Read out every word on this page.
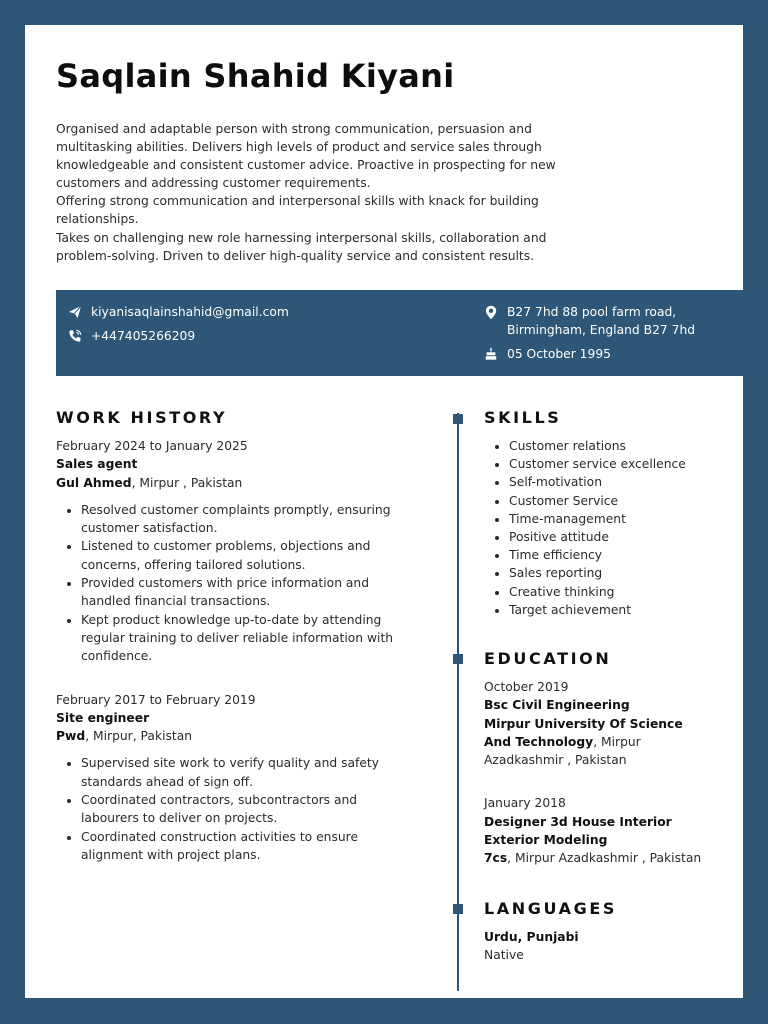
Saqlain Shahid Kiyani

Organised and adaptable person with strong communication, persuasion and multitasking abilities. Delivers high levels of product and service sales through knowledgeable and consistent customer advice. Proactive in prospecting for new customers and addressing customer requirements.

Offering strong communication and interpersonal skills with knack for building relationships.

Takes on challenging new role harnessing interpersonal skills, collaboration and problem-solving. Driven to deliver high-quality service and consistent results.

kiyanisaqlainshahid@gmail.com
+447405266209
B27 7hd 88 pool farm road,
Birmingham, England B27 7hd
05 October 1995
WORK HISTORY
February 2024 to January 2025
Sales agent
Gul Ahmed, Mirpur , Pakistan
• Resolved customer complaints promptly, ensuring customer satisfaction.
• Listened to customer problems, objections and concerns, offering tailored solutions.
• Provided customers with price information and handled financial transactions.
• Kept product knowledge up-to-date by attending regular training to deliver reliable information with confidence.
February 2017 to February 2019
Site engineer
Pwd, Mirpur, Pakistan
• Supervised site work to verify quality and safety standards ahead of sign off.
• Coordinated contractors, subcontractors and labourers to deliver on projects.
• Coordinated construction activities to ensure alignment with project plans.
SKILLS
• Customer relations
• Customer service excellence
• Self-motivation
• Customer Service
• Time-management
• Positive attitude
• Time efficiency
• Sales reporting
• Creative thinking
• Target achievement
EDUCATION
October 2019
Bsc Civil Engineering
Mirpur University Of Science And Technology, Mirpur Azadkashmir , Pakistan
January 2018
Designer 3d House Interior Exterior Modeling
7cs, Mirpur Azadkashmir , Pakistan
LANGUAGES
Urdu, Punjabi
Native
